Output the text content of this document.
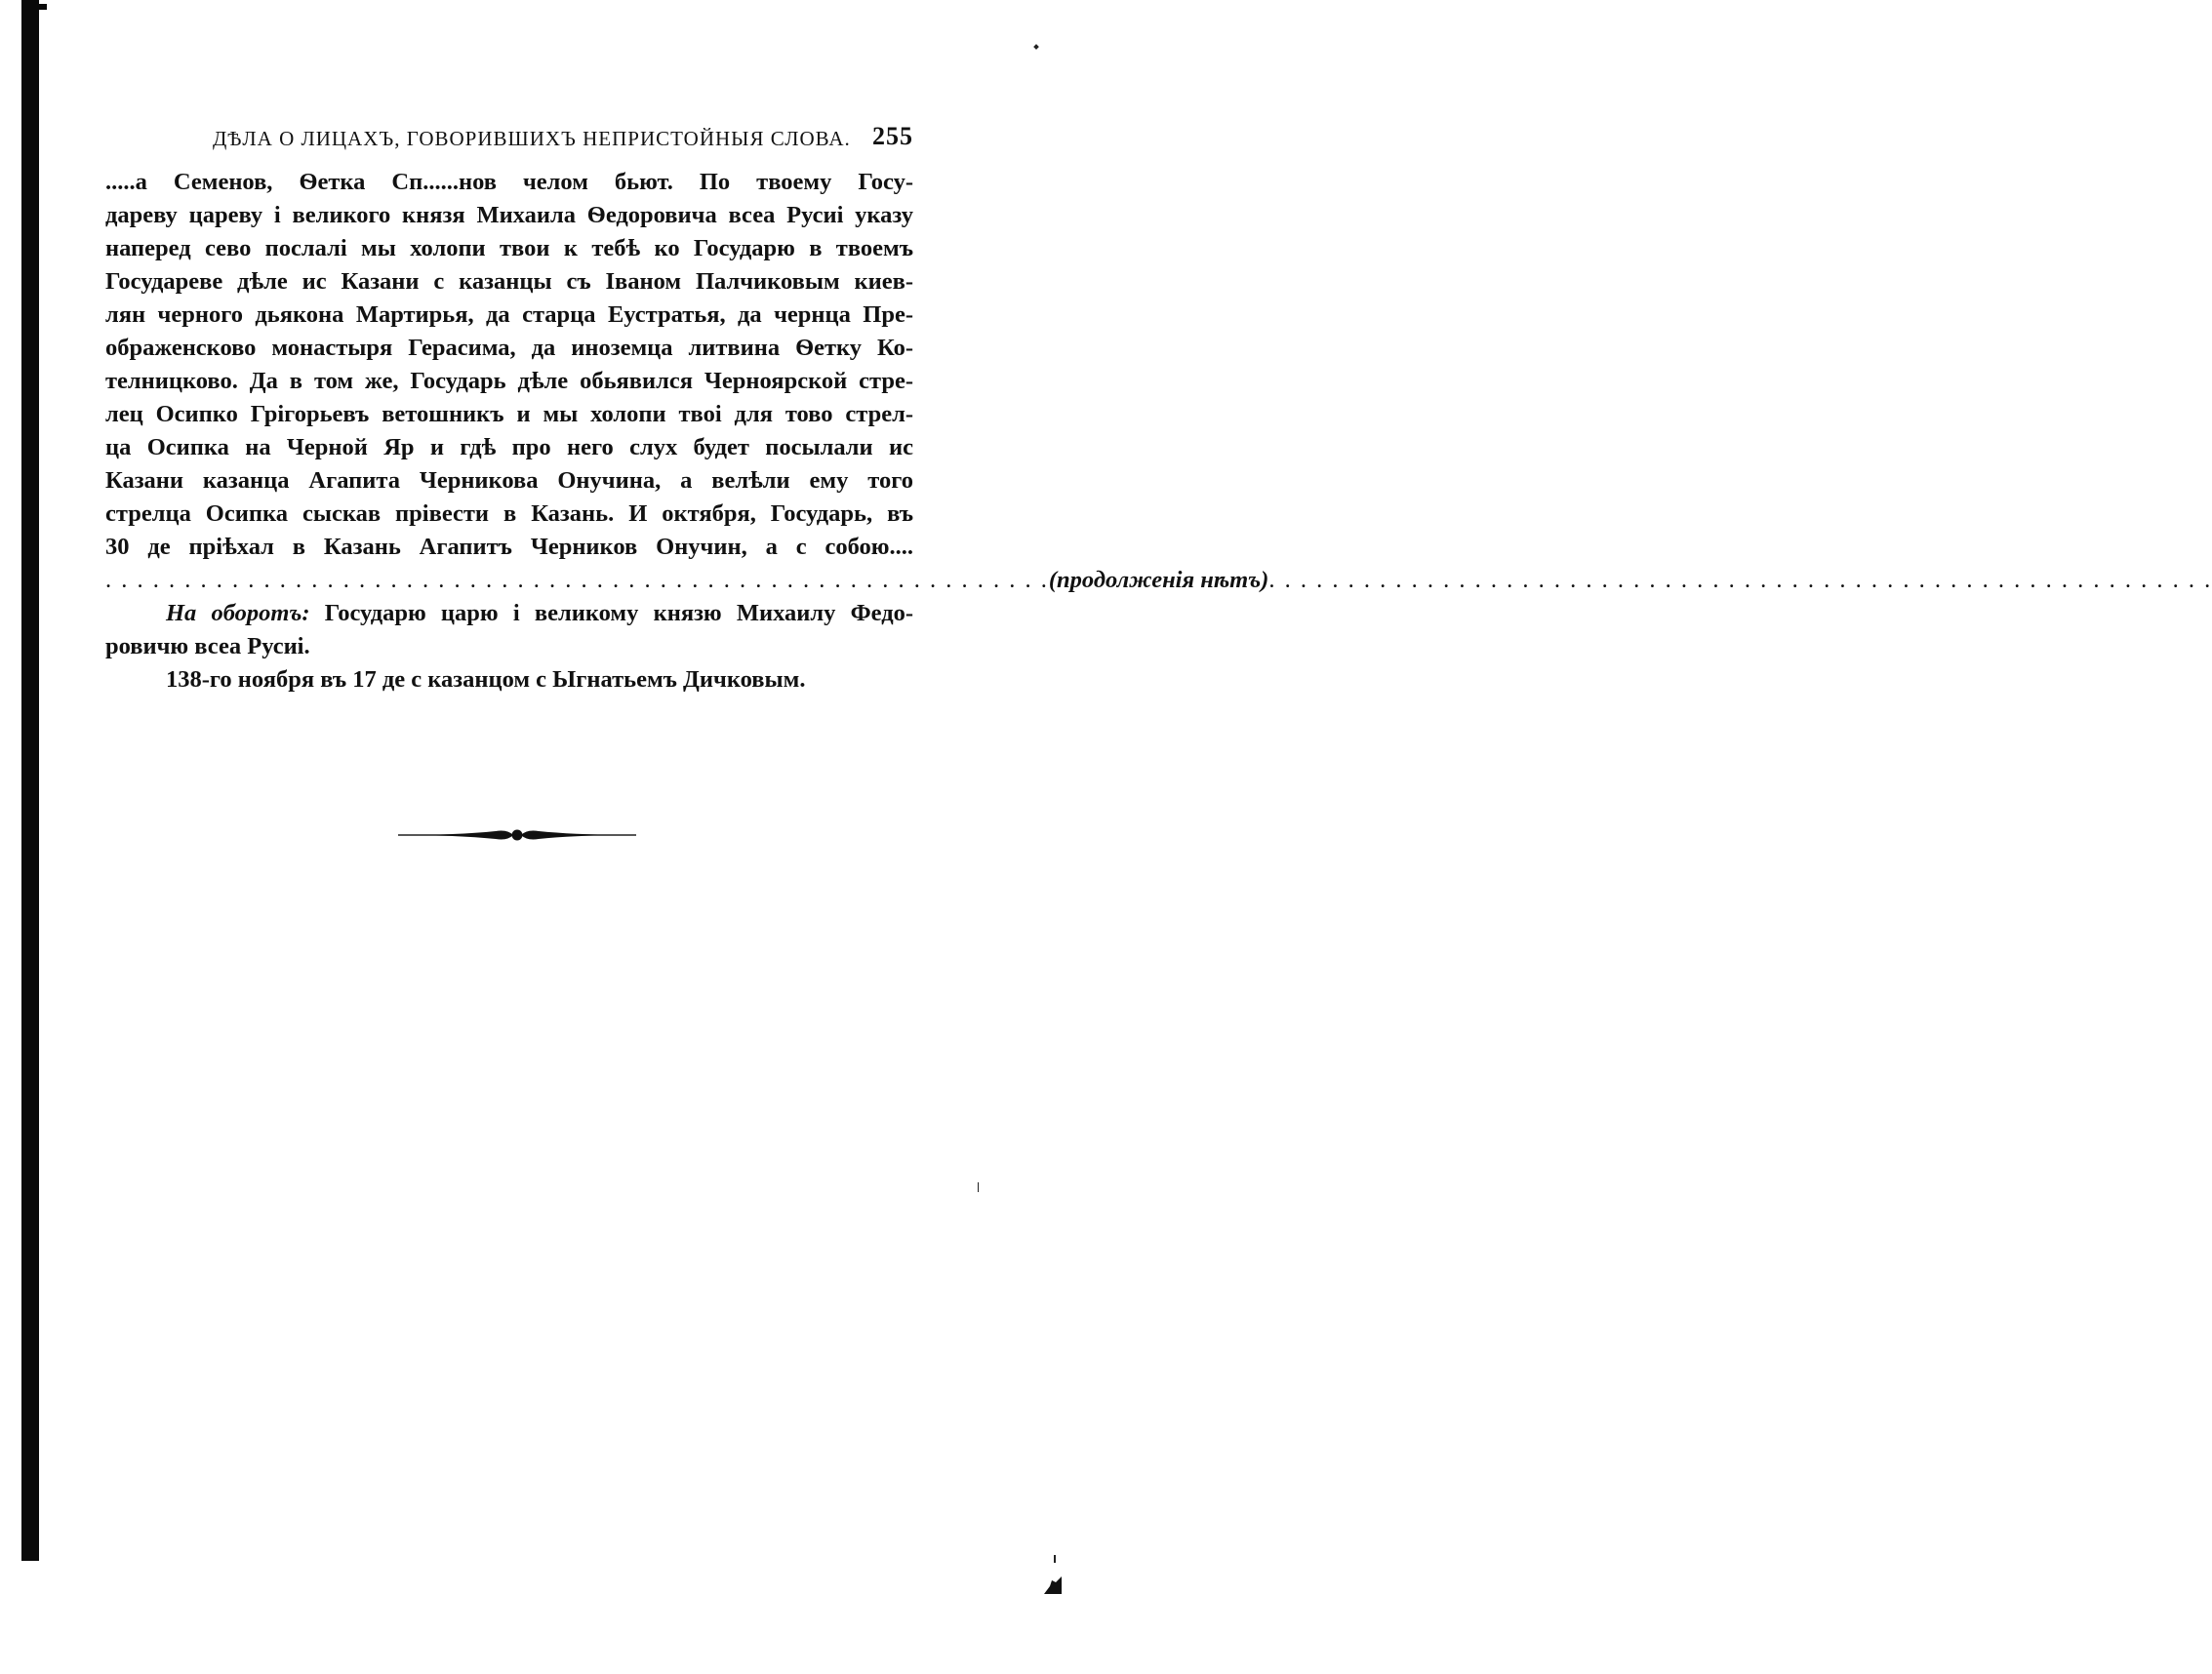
ДѢЛА О ЛИЦАХЪ, ГОВОРИВШИХЪ НЕПРИСТОЙНЫЯ СЛОВА. 255

.....а Семенов, Ѳетка Сп......нов челом бьют. По твоему Госу-

дареву цареву і великого князя Михаила Ѳедоровича всеа Русиі указу

наперед сево послалі мы холопи твои к тебѣ ко Государю в твоемъ

Государеве дѣле ис Казани с казанцы съ Іваном Палчиковым киев-

лян черного дьякона Мартирья, да старца Еустратья, да чернца Пре-

ображенсково монастыря Герасима, да иноземца литвина Ѳетку Ко-

телницково. Да в том же, Государь дѣле обьявился Черноярской стре-

лец Осипко Грігорьевъ ветошникъ и мы холопи твоі для тово стрел-

ца Осипка на Черной Яр и гдѣ про него слух будет посылали ис

Казани казанца Агапита Черникова Онучина, а велѣли ему того

стрелца Осипка сыскав прівести в Казань. И октября, Государь, въ

30 де пріѣхал в Казань Агапитъ Черников Онучин, а с собою....

. . . . . . . . . . . . . . . . . . . . . . . . . . . . . . . . . . . . . . . . . . . . . . . . . . . . . . . . . . . . (продолженія нѣтъ) . . . . . . . . . . . . . . . . . . . . . . . . . . . . . . . . . . . . . . . . . . . . . . . . . . . . . . . . . . . .

На оборотъ: Государю царю і великому князю Михаилу Федо-

ровичю всеа Русиі.

138-го ноября въ 17 де с казанцом с Ыгнатьемъ Дичковым.
